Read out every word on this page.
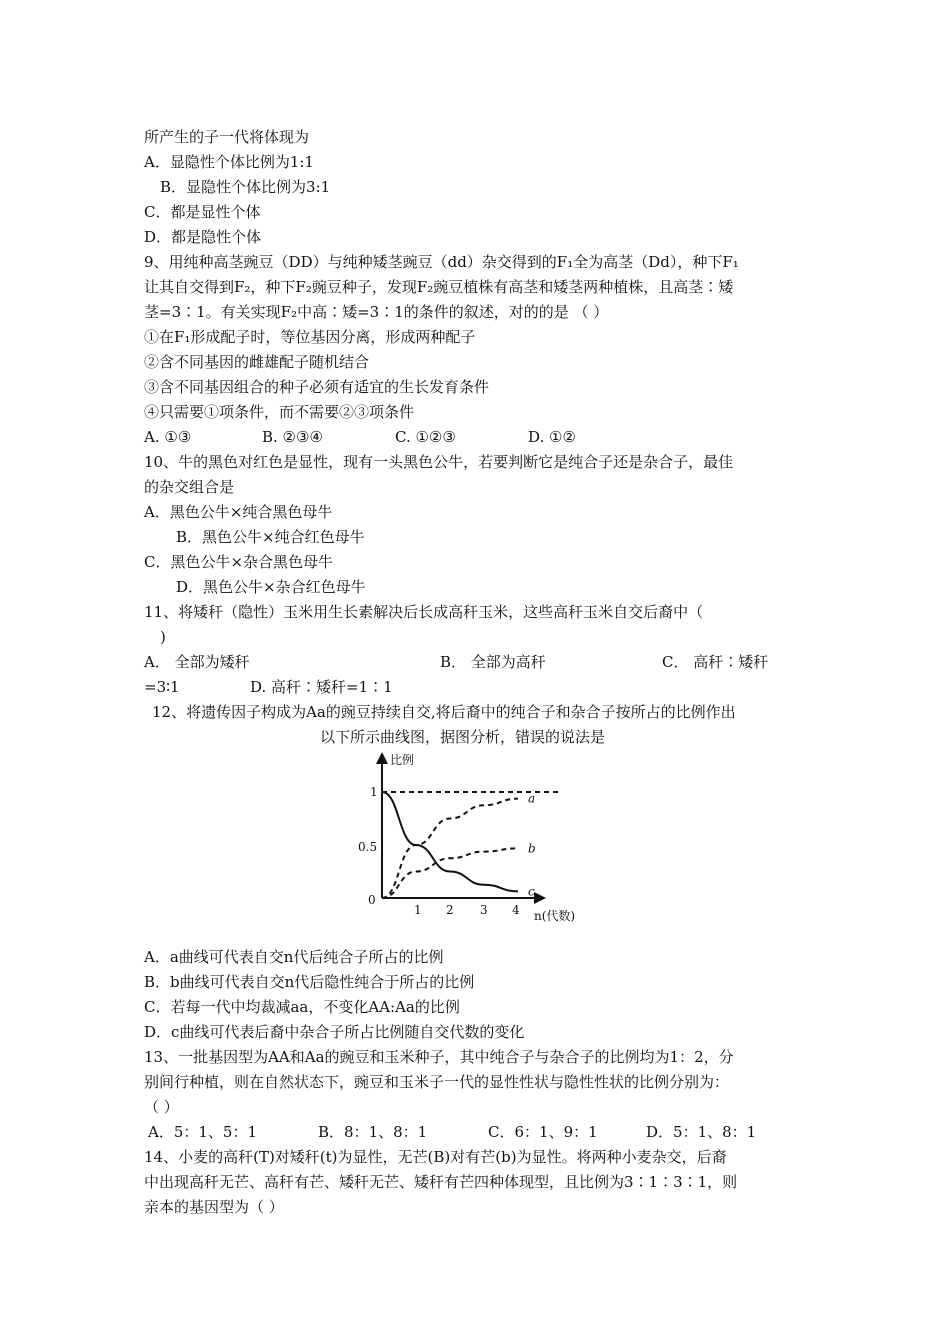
所产生的子一代将体现为
A．显隐性个体比例为1:1
B．显隐性个体比例为3:1
C．都是显性个体
D．都是隐性个体
9、用纯种高茎豌豆（DD）与纯种矮茎豌豆（dd）杂交得到的F₁全为高茎（Dd），种下F₁
让其自交得到F₂，种下F₂豌豆种子，发现F₂豌豆植株有高茎和矮茎两种植株，且高茎∶矮
茎=3∶1。有关实现F₂中高∶矮=3∶1的条件的叙述，对的的是 （ ）
①在F₁形成配子时，等位基因分离，形成两种配子
②含不同基因的雌雄配子随机结合
③含不同基因组合的种子必须有适宜的生长发育条件
④只需要①项条件，而不需要②③项条件
A. ①③	B. ②③④	C. ①②③	D. ①②
10、牛的黑色对红色是显性，现有一头黑色公牛，若要判断它是纯合子还是杂合子，最佳
的杂交组合是
A．黑色公牛×纯合黑色母牛
B．黑色公牛×纯合红色母牛
C．黑色公牛×杂合黑色母牛
D．黑色公牛×杂合红色母牛
11、将矮秆（隐性）玉米用生长素解决后长成高秆玉米，这些高秆玉米自交后裔中（
)
A． 全部为矮秆	B． 全部为高秆	C． 高秆∶矮秆
=3∶1	D. 高秆∶矮秆=1∶1
12、将遗传因子构成为Aa的豌豆持续自交,将后裔中的纯合子和杂合子按所占的比例作出
以下所示曲线图，据图分析，错误的说法是
比例
n(代数)
1
0.5
0
1 2 3 4
a
b
c
A．a曲线可代表自交n代后纯合子所占的比例
B．b曲线可代表自交n代后隐性纯合于所占的比例
C．若每一代中均裁减aa，不变化AA:Aa的比例
D．c曲线可代表后裔中杂合子所占比例随自交代数的变化
13、一批基因型为AA和Aa的豌豆和玉米种子，其中纯合子与杂合子的比例均为1：2，分
别间行种植，则在自然状态下，豌豆和玉米子一代的显性性状与隐性性状的比例分别为：
（ ）
A．5：1、5：1	B．8：1、8：1	C．6：1、9：1	D．5：1、8：1
14、小麦的高秆(T)对矮秆(t)为显性，无芒(B)对有芒(b)为显性。将两种小麦杂交，后裔
中出现高秆无芒、高秆有芒、矮秆无芒、矮秆有芒四种体现型，且比例为3∶1∶3∶1，则
亲本的基因型为（ ）
